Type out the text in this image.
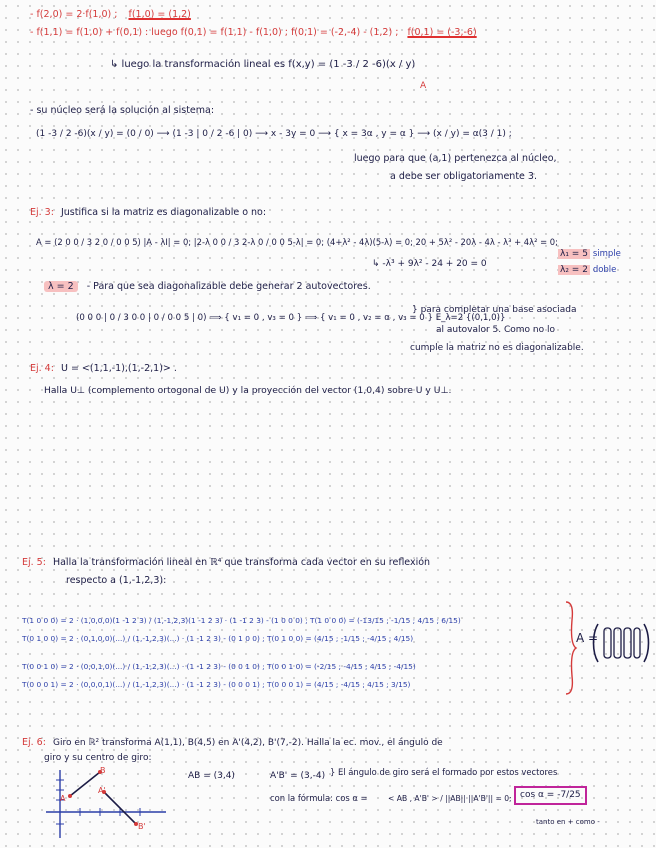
- f(2,0) = 2·f(1,0) ; f(1,0) = (1,2)
- f(1,1) = f(1,0) + f(0,1) : luego f(0,1) = f(1,1) - f(1,0) ; f(0,1) = (-2,-4) - (1,2) ; f(0,1) = (-3,-6)
↳ luego la transformación lineal es f(x,y) = (1 -3 / 2 -6)(x / y)
A
- su núcleo será la solución al sistema:
(1 -3 / 2 -6)(x / y) = (0 / 0) ⟶ (1 -3 | 0 / 2 -6 | 0) ⟶ x - 3y = 0 ⟶ { x = 3α , y = α } ⟶ (x / y) = α(3 / 1) ;
luego para que (a,1) pertenezca al núcleo,
a debe ser obligatoriamente 3.
Ej. 3: Justifica si la matriz es diagonalizable o no:
A = (2 0 0 / 3 2 0 / 0 0 5) |A - λI| = 0; |2-λ 0 0 / 3 2-λ 0 / 0 0 5-λ| = 0; (4+λ² - 4λ)(5-λ) = 0; 20 + 5λ² - 20λ - 4λ - λ³ + 4λ² = 0;
↳ -λ³ + 9λ² - 24 + 20 = 0
λ₁ = 5 simple
λ₂ = 2 doble
λ = 2 - Para que sea diagonalizable debe generar 2 autovectores.
(0 0 0 | 0 / 3 0 0 | 0 / 0 0 5 | 0) ⟹ { v₁ = 0 , v₃ = 0 } ⟹ { v₁ = 0 , v₂ = α , v₃ = 0 } E_λ=2 {(0,1,0)}
} para completar una base asociada
al autovalor 5. Como no lo
cumple la matriz no es diagonalizable.
Ej. 4: U = <(1,1,-1),(1,-2,1)> .
Halla U⊥ (complemento ortogonal de U) y la proyección del vector (1,0,4) sobre U y U⊥.
Ej. 5: Halla la transformación lineal en ℝ⁴ que transforma cada vector en su reflexión
respecto a (1,-1,2,3):
T(1 0 0 0) = 2 · (1,0,0,0)(1 -1 2 3) / (1,-1,2,3)(1 -1 2 3) · (1 -1 2 3) - (1 0 0 0) ; T(1 0 0 0) = (-13/15 ; -1/15 ; 4/15 ; 6/15)
T(0 1 0 0) = 2 · (0,1,0,0)(...) / (1,-1,2,3)(...) · (1 -1 2 3) - (0 1 0 0) ; T(0 1 0 0) = (4/15 ; -1/15 ; -4/15 ; 4/15)
T(0 0 1 0) = 2 · (0,0,1,0)(...) / (1,-1,2,3)(...) · (1 -1 2 3) - (0 0 1 0) ; T(0 0 1 0) = (-2/15 ; -4/15 ; 4/15 ; -4/15)
T(0 0 0 1) = 2 · (0,0,0,1)(...) / (1,-1,2,3)(...) · (1 -1 2 3) - (0 0 0 1) ; T(0 0 0 1) = (4/15 ; -4/15 ; 4/15 ; 3/15)
A =
Ej. 6: Giro en ℝ² transforma A(1,1), B(4,5) en A'(4,2), B'(7,-2). Halla la ec. mov., el ángulo de
giro y su centro de giro:
A
B
A'
B'
AB = (3,4)	A'B' = (3,-4) } El ángulo de giro será el formado por estos vectores
con la fórmula: cos α =	< AB , A'B' > / ||AB||·||A'B'|| = 0; cos α = -7/25
tanto en + como -
